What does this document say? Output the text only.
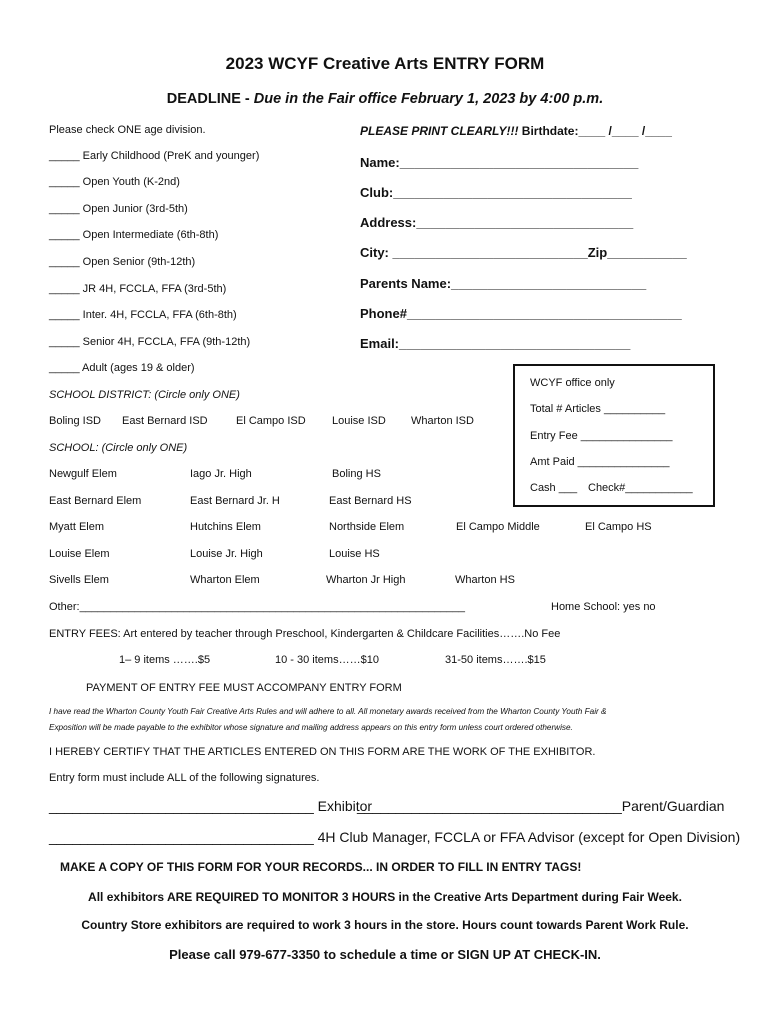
2023 WCYF Creative Arts ENTRY FORM
DEADLINE - Due in the Fair office February 1, 2023 by 4:00 p.m.
Please check ONE age division.
_____ Early Childhood (PreK and younger)
_____ Open Youth (K-2nd)
_____ Open Junior (3rd-5th)
_____ Open Intermediate (6th-8th)
_____ Open Senior (9th-12th)
_____ JR 4H, FCCLA, FFA (3rd-5th)
_____ Inter. 4H, FCCLA, FFA (6th-8th)
_____ Senior 4H, FCCLA, FFA (9th-12th)
_____ Adult (ages 19 & older)
PLEASE PRINT CLEARLY!!! Birthdate:____ /____ /____
Name:_________________________________
Club:_________________________________
Address:______________________________
City: ___________________________Zip___________
Parents Name:___________________________
Phone#______________________________________
Email:________________________________
WCYF office only
Total # Articles __________
Entry Fee _______________
Amt Paid _______________
Cash ___ Check#___________
SCHOOL DISTRICT: (Circle only ONE)
Boling ISD East Bernard ISD	El Campo ISD Louise ISD Wharton ISD
SCHOOL: (Circle only ONE)
Newgulf Elem	Iago Jr. High	Boling HS
East Bernard Elem	East Bernard Jr. H	East Bernard HS
Myatt Elem	Hutchins Elem	Northside Elem	El Campo Middle	El Campo HS
Louise Elem	Louise Jr. High	Louise HS
Sivells Elem	Wharton Elem	Wharton Jr High	Wharton HS
Other:_______________________________________________________________	Home School: yes no
ENTRY FEES: Art entered by teacher through Preschool, Kindergarten & Childcare Facilities…….No Fee
1– 9 items …….$5	10 - 30 items……$10	31-50 items…….$15
PAYMENT OF ENTRY FEE MUST ACCOMPANY ENTRY FORM
I have read the Wharton County Youth Fair Creative Arts Rules and will adhere to all. All monetary awards received from the Wharton County Youth Fair &
Exposition will be made payable to the exhibitor whose signature and mailing address appears on this entry form unless court ordered otherwise.
I HEREBY CERTIFY THAT THE ARTICLES ENTERED ON THIS FORM ARE THE WORK OF THE EXHIBITOR.
Entry form must include ALL of the following signatures.
__________________________________ Exhibitor
__________________________________Parent/Guardian
__________________________________ 4H Club Manager, FCCLA or FFA Advisor (except for Open Division)
MAKE A COPY OF THIS FORM FOR YOUR RECORDS... IN ORDER TO FILL IN ENTRY TAGS!
All exhibitors ARE REQUIRED TO MONITOR 3 HOURS in the Creative Arts Department during Fair Week.
Country Store exhibitors are required to work 3 hours in the store. Hours count towards Parent Work Rule.
Please call 979-677-3350 to schedule a time or SIGN UP AT CHECK-IN.
